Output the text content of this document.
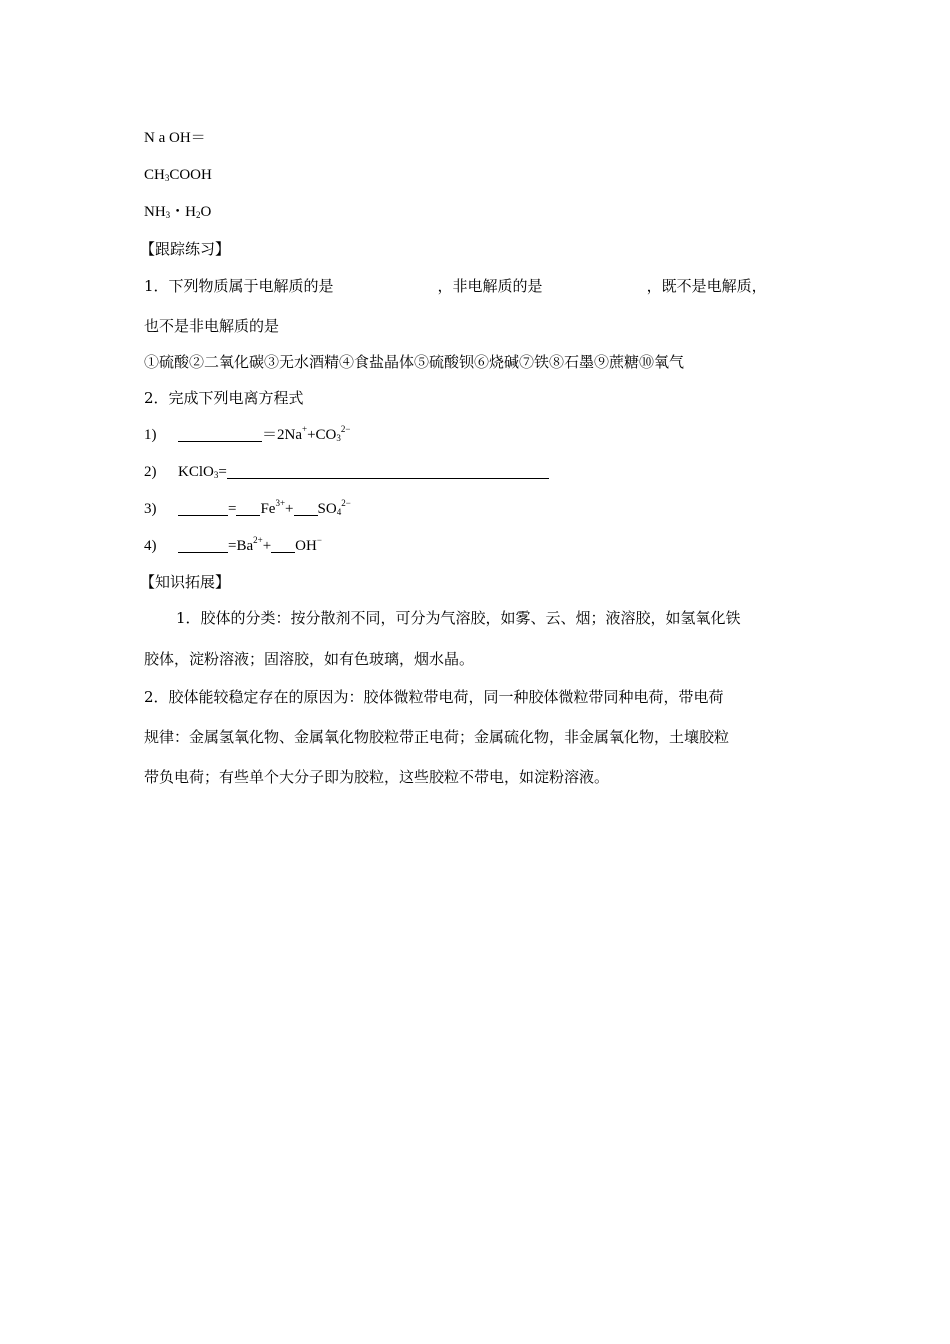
N a OH＝
$CH_3COOH$
$NH_3$・$H_2O$
【跟踪练习】
1．下列物质属于电解质的是	，非电解质的是	，既不是电解质，
也不是非电解质的是
①硫酸②二氧化碳③无水酒精④食盐晶体⑤硫酸钡⑥烧碱⑦铁⑧石墨⑨蔗糖⑩氧气
2．完成下列电离方程式
1)	$=2Na^++CO_3^{2-}$
2) KClO$_3$=
3)	= $Fe^{3+}+ SO_4^{2-}$
4)	$=Ba^{2+}+ OH^-$
【知识拓展】
1．胶体的分类：按分散剂不同，可分为气溶胶，如雾、云、烟；液溶胶，如氢氧化铁
胶体，淀粉溶液；固溶胶，如有色玻璃，烟水晶。
2．胶体能较稳定存在的原因为：胶体微粒带电荷，同一种胶体微粒带同种电荷，带电荷
规律：金属氢氧化物、金属氧化物胶粒带正电荷；金属硫化物，非金属氧化物，土壤胶粒
带负电荷；有些单个大分子即为胶粒，这些胶粒不带电，如淀粉溶液。
